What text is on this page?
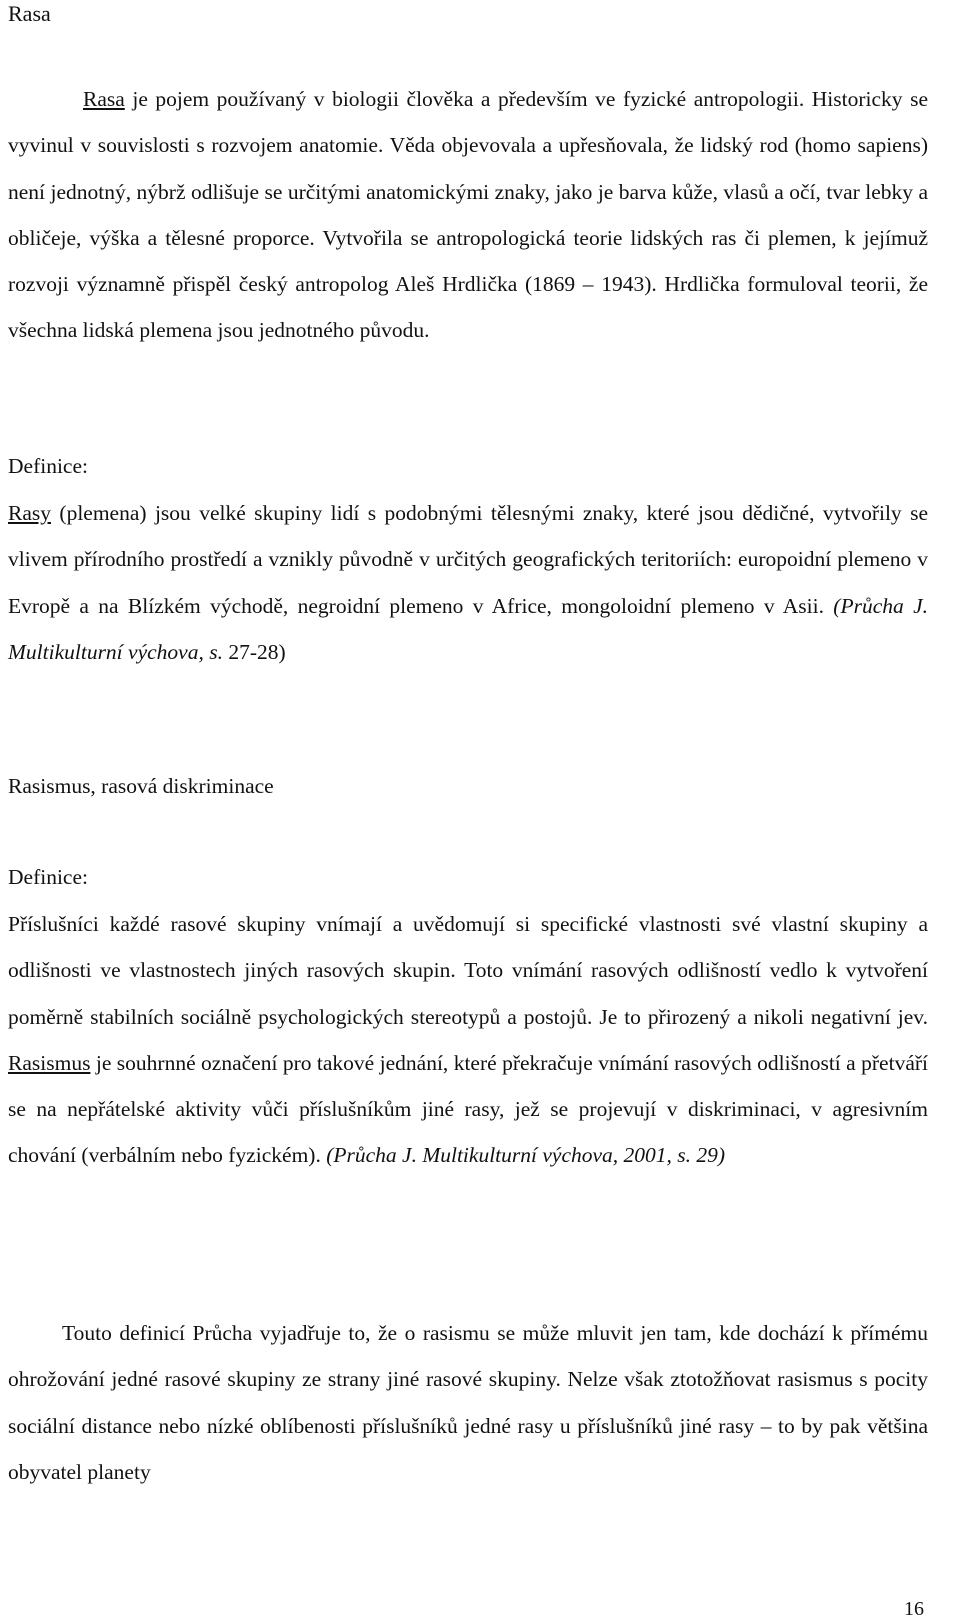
Rasa
Rasa je pojem používaný v biologii člověka a především ve fyzické antropologii. Historicky se vyvinul v souvislosti s rozvojem anatomie. Věda objevovala a upřesňovala, že lidský rod (homo sapiens) není jednotný, nýbrž odlišuje se určitými anatomickými znaky, jako je barva kůže, vlasů a očí, tvar lebky a obličeje, výška a tělesné proporce. Vytvořila se antropologická teorie lidských ras či plemen, k jejímuž rozvoji významně přispěl český antropolog Aleš Hrdlička (1869 – 1943). Hrdlička formuloval teorii, že všechna lidská plemena jsou jednotného původu.
Definice:
Rasy (plemena) jsou velké skupiny lidí s podobnými tělesnými znaky, které jsou dědičné, vytvořily se vlivem přírodního prostředí a vznikly původně v určitých geografických teritoriích: europoidní plemeno v Evropě a na Blízkém východě, negroidní plemeno v Africe, mongoloidní plemeno v Asii. (Průcha J. Multikulturní výchova, s. 27-28)
Rasismus, rasová diskriminace
Definice:
Příslušníci každé rasové skupiny vnímají a uvědomují si specifické vlastnosti své vlastní skupiny a odlišnosti ve vlastnostech jiných rasových skupin. Toto vnímání rasových odlišností vedlo k vytvoření poměrně stabilních sociálně psychologických stereotypů a postojů. Je to přirozený a nikoli negativní jev. Rasismus je souhrnné označení pro takové jednání, které překračuje vnímání rasových odlišností a přetváří se na nepřátelské aktivity vůči příslušníkům jiné rasy, jež se projevují v diskriminaci, v agresivním chování (verbálním nebo fyzickém). (Průcha J. Multikulturní výchova, 2001, s. 29)
Touto definicí Průcha vyjadřuje to, že o rasismu se může mluvit jen tam, kde dochází k přímému ohrožování jedné rasové skupiny ze strany jiné rasové skupiny. Nelze však ztotožňovat rasismus s pocity sociální distance nebo nízké oblíbenosti příslušníků jedné rasy u příslušníků jiné rasy – to by pak většina obyvatel planety
16
